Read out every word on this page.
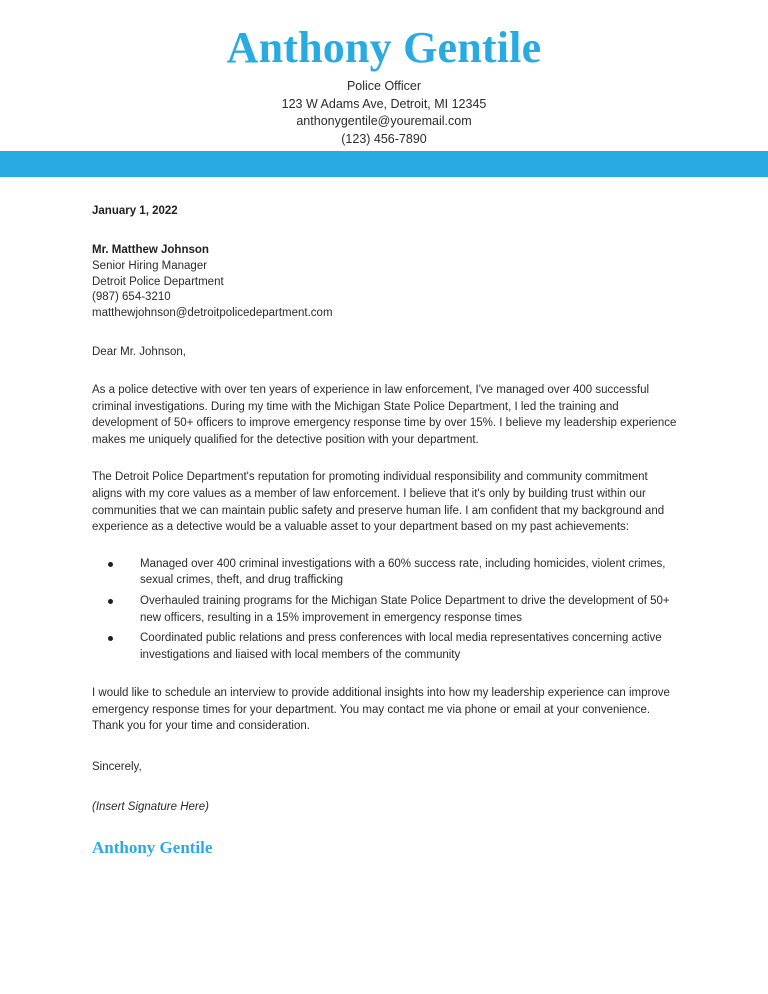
Anthony Gentile
Police Officer
123 W Adams Ave, Detroit, MI 12345
anthonygentile@youremail.com
(123) 456-7890
January 1, 2022
Mr. Matthew Johnson
Senior Hiring Manager
Detroit Police Department
(987) 654-3210
matthewjohnson@detroitpolicedepartment.com
Dear Mr. Johnson,
As a police detective with over ten years of experience in law enforcement, I've managed over 400 successful criminal investigations. During my time with the Michigan State Police Department, I led the training and development of 50+ officers to improve emergency response time by over 15%. I believe my leadership experience makes me uniquely qualified for the detective position with your department.
The Detroit Police Department's reputation for promoting individual responsibility and community commitment aligns with my core values as a member of law enforcement. I believe that it's only by building trust within our communities that we can maintain public safety and preserve human life. I am confident that my background and experience as a detective would be a valuable asset to your department based on my past achievements:
Managed over 400 criminal investigations with a 60% success rate, including homicides, violent crimes, sexual crimes, theft, and drug trafficking
Overhauled training programs for the Michigan State Police Department to drive the development of 50+ new officers, resulting in a 15% improvement in emergency response times
Coordinated public relations and press conferences with local media representatives concerning active investigations and liaised with local members of the community
I would like to schedule an interview to provide additional insights into how my leadership experience can improve emergency response times for your department. You may contact me via phone or email at your convenience. Thank you for your time and consideration.
Sincerely,
(Insert Signature Here)
Anthony Gentile
